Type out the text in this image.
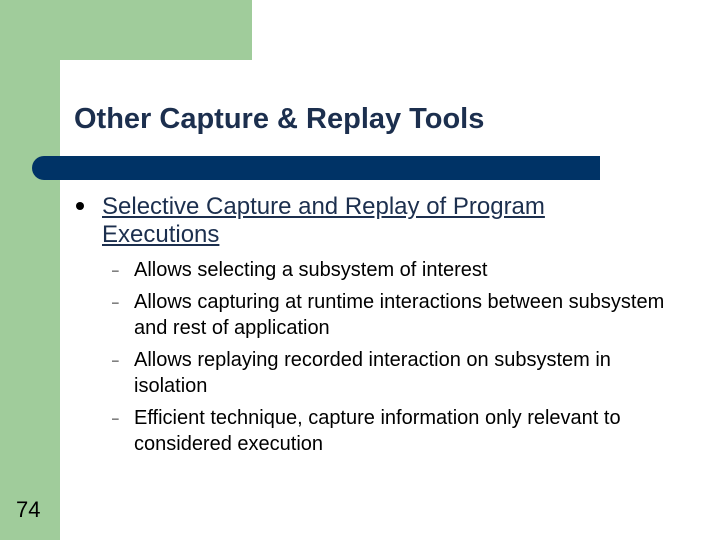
Other Capture & Replay Tools
Selective Capture and Replay of Program Executions
– Allows selecting a subsystem of interest
– Allows capturing at runtime interactions between subsystem and rest of application
– Allows replaying recorded interaction on subsystem in isolation
– Efficient technique, capture information only relevant to considered execution
74
